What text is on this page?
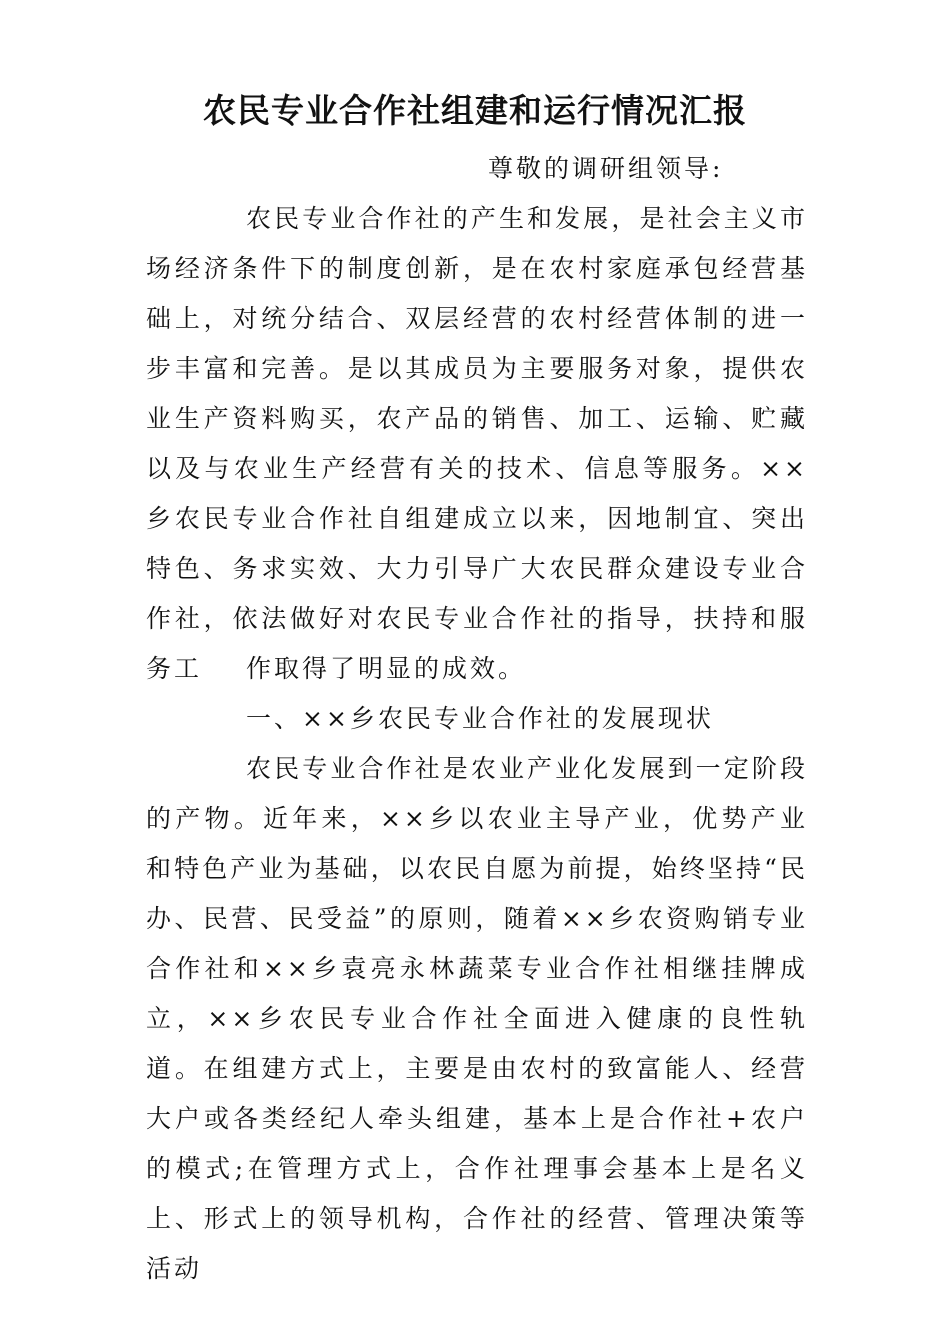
农民专业合作社组建和运行情况汇报

尊敬的调研组领导:

农民专业合作社的产生和发展，是社会主义市场经济条件下的制度创新，是在农村家庭承包经营基础上，对统分结合、双层经营的农村经营体制的进一步丰富和完善。是以其成员为主要服务对象，提供农业生产资料购买，农产品的销售、加工、运输、贮藏以及与农业生产经营有关的技术、信息等服务。××乡农民专业合作社自组建成立以来，因地制宜、突出特色、务求实效、大力引导广大农民群众建设专业合作社，依法做好对农民专业合作社的指导，扶持和服务工	作取得了明显的成效。

一、××乡农民专业合作社的发展现状

农民专业合作社是农业产业化发展到一定阶段的产物。近年来，××乡以农业主导产业，优势产业和特色产业为基础，以农民自愿为前提，始终坚持“民办、民营、民受益”的原则，随着××乡农资购销专业合作社和××乡袁亮永林蔬菜专业合作社相继挂牌成立，××乡农民专业合作社全面进入健康的良性轨道。在组建方式上，主要是由农村的致富能人、经营大户或各类经纪人牵头组建，基本上是合作社+农户的模式;在管理方式上，合作社理事会基本上是名义上、形式上的领导机构，合作社的经营、管理决策等活动
